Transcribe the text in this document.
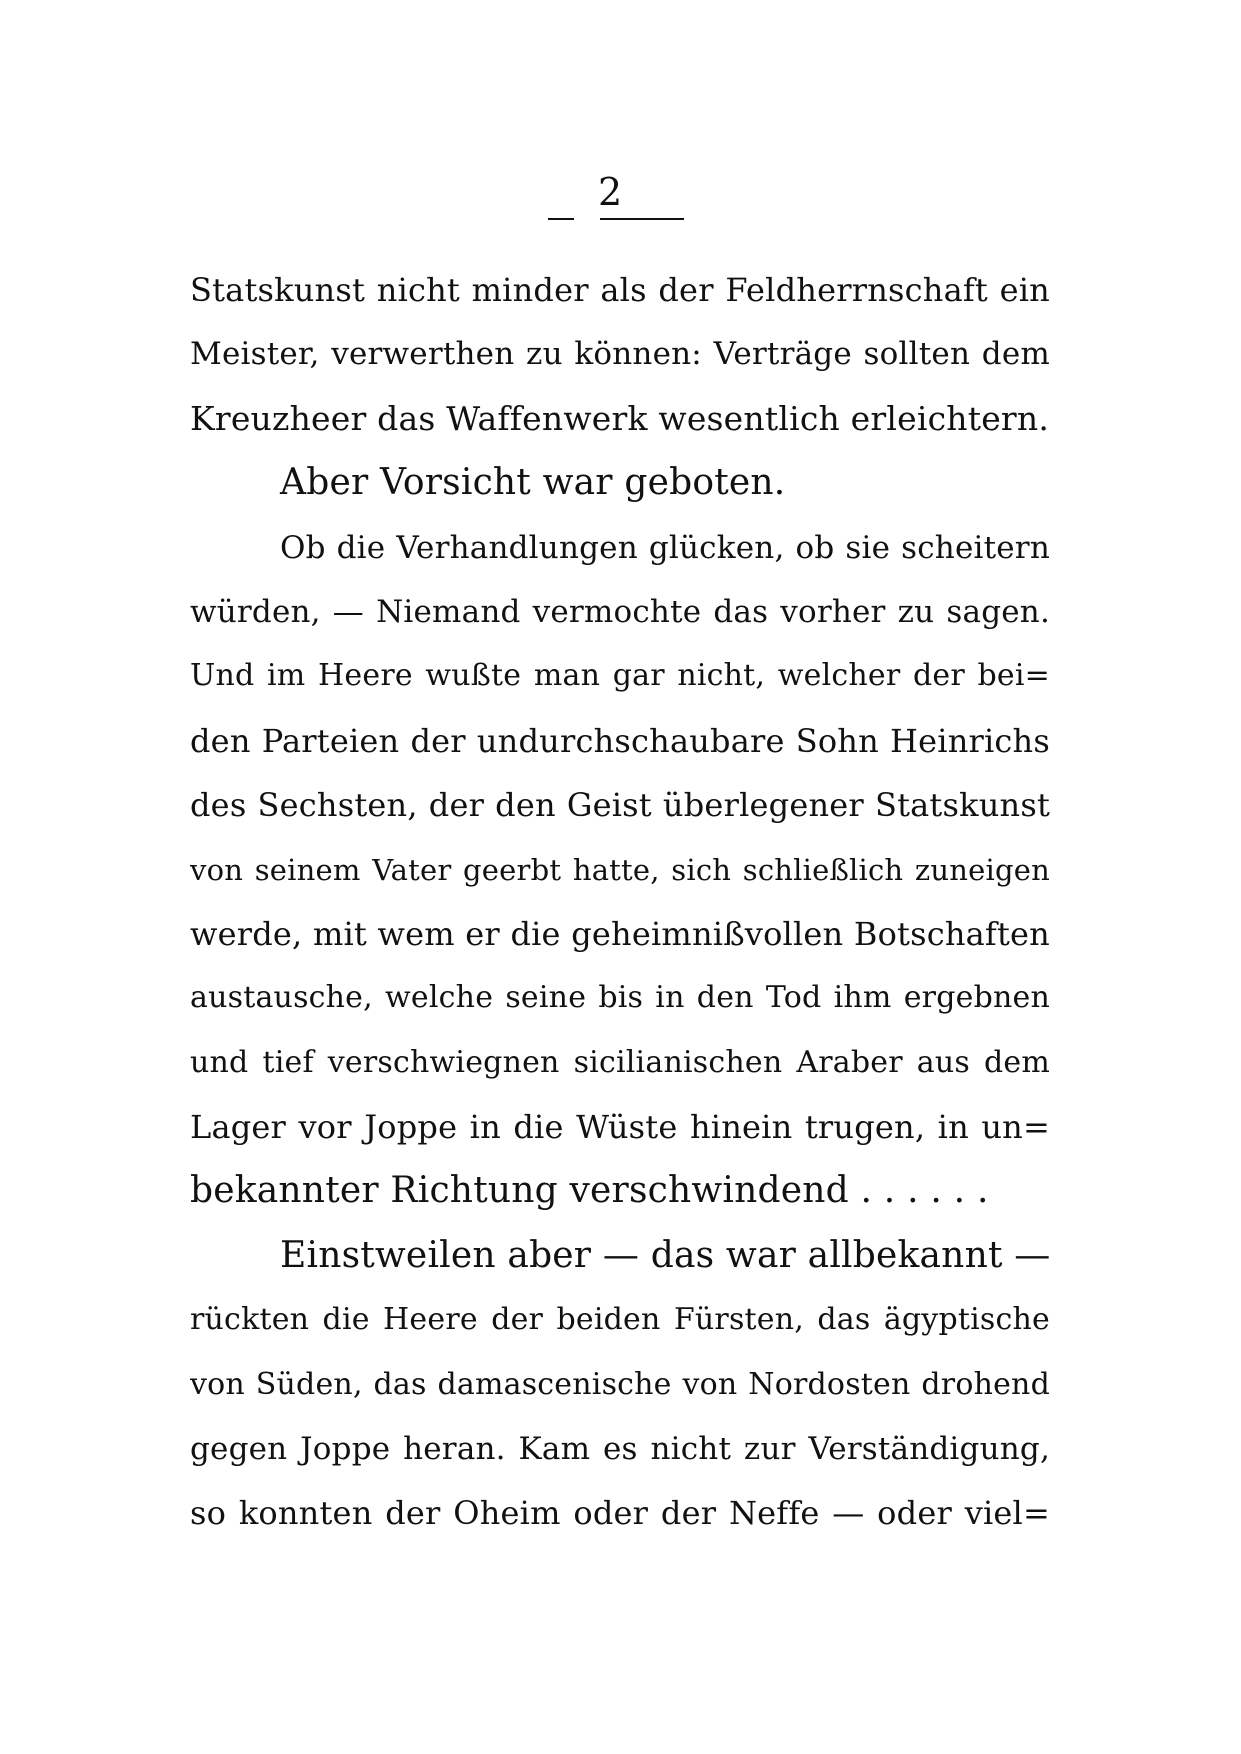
2
Statskunst nicht minder als der Feldherrnschaft ein
Meister, verwerthen zu können: Verträge sollten dem
Kreuzheer das Waffenwerk wesentlich erleichtern.
Aber Vorsicht war geboten.
Ob die Verhandlungen glücken, ob sie scheitern
würden, — Niemand vermochte das vorher zu sagen.
Und im Heere wußte man gar nicht, welcher der bei=
den Parteien der undurchschaubare Sohn Heinrichs
des Sechsten, der den Geist überlegener Statskunst
von seinem Vater geerbt hatte, sich schließlich zuneigen
werde, mit wem er die geheimnißvollen Botschaften
austausche, welche seine bis in den Tod ihm ergebnen
und tief verschwiegnen sicilianischen Araber aus dem
Lager vor Joppe in die Wüste hinein trugen, in un=
bekannter Richtung verschwindend . . . . . .
Einstweilen aber — das war allbekannt —
rückten die Heere der beiden Fürsten, das ägyptische
von Süden, das damascenische von Nordosten drohend
gegen Joppe heran. Kam es nicht zur Verständigung,
so konnten der Oheim oder der Neffe — oder viel=
